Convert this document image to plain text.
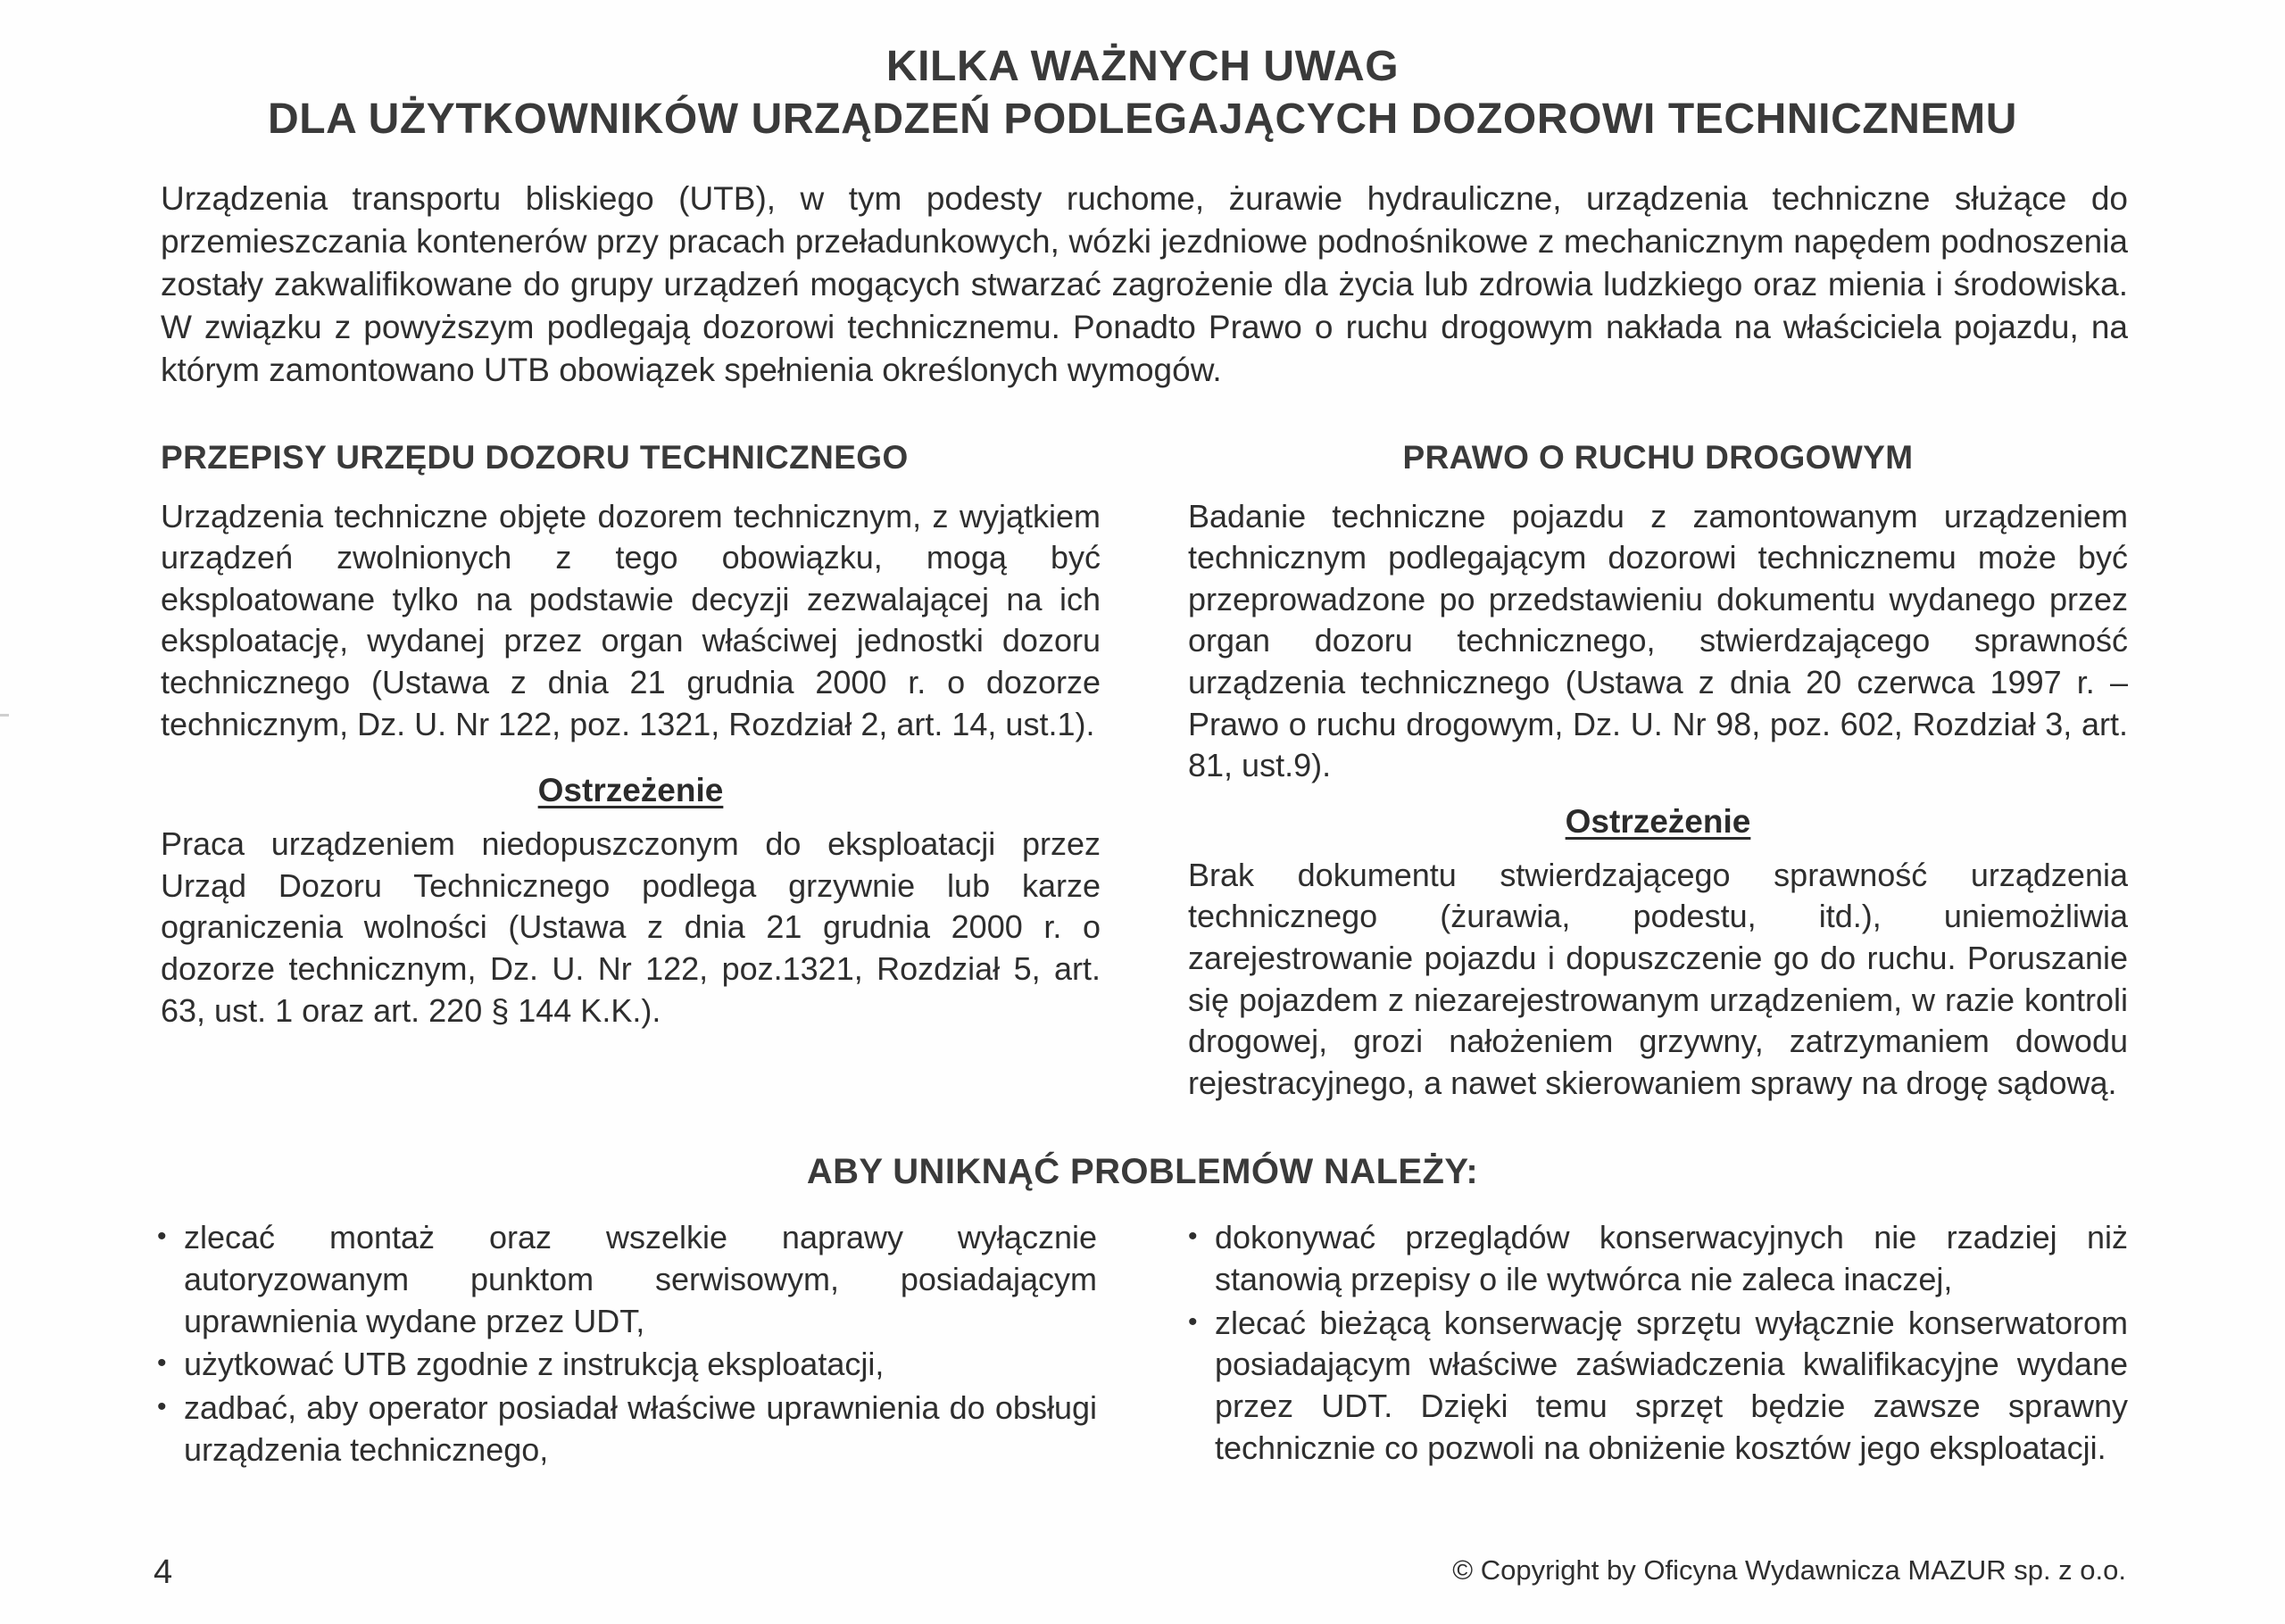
KILKA WAŻNYCH UWAG
DLA UŻYTKOWNIKÓW URZĄDZEŃ PODLEGAJĄCYCH DOZOROWI TECHNICZNEMU

Urządzenia transportu bliskiego (UTB), w tym podesty ruchome, żurawie hydrauliczne, urządzenia techniczne służące do przemieszczania kontenerów przy pracach przeładunkowych, wózki jezdniowe podnośnikowe z mechanicznym napędem podnoszenia zostały zakwalifikowane do grupy urządzeń mogących stwarzać zagrożenie dla życia lub zdrowia ludzkiego oraz mienia i środowiska. W związku z powyższym podlegają dozorowi technicznemu. Ponadto Prawo o ruchu drogowym nakłada na właściciela pojazdu, na którym zamontowano UTB obowiązek spełnienia określonych wymogów.

PRZEPISY URZĘDU DOZORU TECHNICZNEGO

Urządzenia techniczne objęte dozorem technicznym, z wyjątkiem urządzeń zwolnionych z tego obowiązku, mogą być eksploatowane tylko na podstawie decyzji zezwalającej na ich eksploatację, wydanej przez organ właściwej jednostki dozoru technicznego (Ustawa z dnia 21 grudnia 2000 r. o dozorze technicznym, Dz. U. Nr 122, poz. 1321, Rozdział 2, art. 14, ust.1).

Ostrzeżenie

Praca urządzeniem niedopuszczonym do eksploatacji przez Urząd Dozoru Technicznego podlega grzywnie lub karze ograniczenia wolności (Ustawa z dnia 21 grudnia 2000 r. o dozorze technicznym, Dz. U. Nr 122, poz.1321, Rozdział 5, art. 63, ust. 1 oraz art. 220 § 144 K.K.).

PRAWO O RUCHU DROGOWYM

Badanie techniczne pojazdu z zamontowanym urządzeniem technicznym podlegającym dozorowi technicznemu może być przeprowadzone po przedstawieniu dokumentu wydanego przez organ dozoru technicznego, stwierdzającego sprawność urządzenia technicznego (Ustawa z dnia 20 czerwca 1997 r. – Prawo o ruchu drogowym, Dz. U. Nr 98, poz. 602, Rozdział 3, art. 81, ust.9).

Ostrzeżenie

Brak dokumentu stwierdzającego sprawność urządzenia technicznego (żurawia, podestu, itd.), uniemożliwia zarejestrowanie pojazdu i dopuszczenie go do ruchu. Poruszanie się pojazdem z niezarejestrowanym urządzeniem, w razie kontroli drogowej, grozi nałożeniem grzywny, zatrzymaniem dowodu rejestracyjnego, a nawet skierowaniem sprawy na drogę sądową.

ABY UNIKNĄĆ PROBLEMÓW NALEŻY:
• zlecać montaż oraz wszelkie naprawy wyłącznie autoryzowanym punktom serwisowym, posiadającym uprawnienia wydane przez UDT,
• użytkować UTB zgodnie z instrukcją eksploatacji,
• zadbać, aby operator posiadał właściwe uprawnienia do obsługi urządzenia technicznego,
• dokonywać przeglądów konserwacyjnych nie rzadziej niż stanowią przepisy o ile wytwórca nie zaleca inaczej,
• zlecać bieżącą konserwację sprzętu wyłącznie konserwatorom posiadającym właściwe zaświadczenia kwalifikacyjne wydane przez UDT. Dzięki temu sprzęt będzie zawsze sprawny technicznie co pozwoli na obniżenie kosztów jego eksploatacji.
4	© Copyright by Oficyna Wydawnicza MAZUR sp. z o.o.
